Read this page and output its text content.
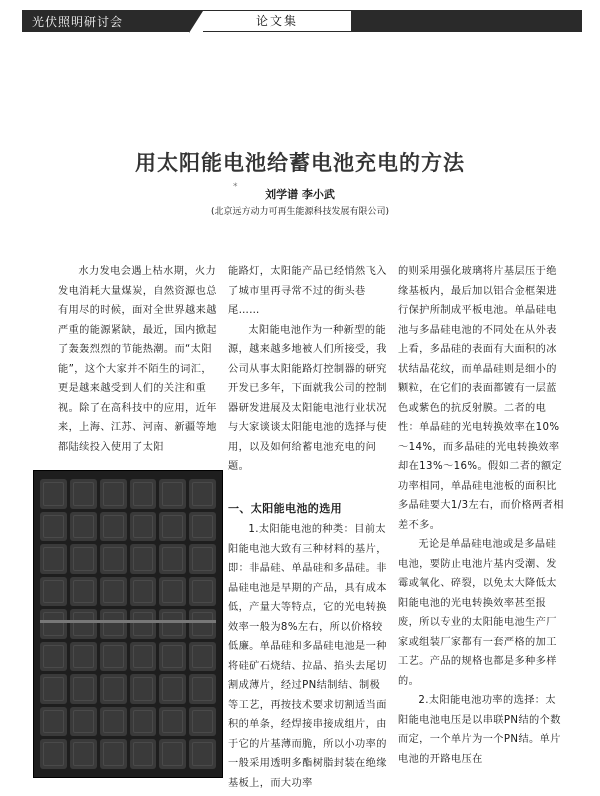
光伏照明研讨会	论文集
用太阳能电池给蓄电池充电的方法
*
刘学谱 李小武
(北京远方动力可再生能源科技发展有限公司)

水力发电会遇上枯水期，火力发电消耗大量煤炭，自然资源也总有用尽的时候，面对全世界越来越严重的能源紧缺，最近，国内掀起了轰轰烈烈的节能热潮。而“太阳能”，这个大家并不陌生的词汇，更是越来越受到人们的关注和重视。除了在高科技中的应用，近年来，上海、江苏、河南、新疆等地都陆续投入使用了太阳

能路灯，太阳能产品已经悄然飞入了城市里再寻常不过的街头巷尾……

太阳能电池作为一种新型的能源，越来越多地被人们所接受，我公司从事太阳能路灯控制器的研究开发已多年，下面就我公司的控制器研发进展及太阳能电池行业状况与大家谈谈太阳能电池的选择与使用，以及如何给蓄电池充电的问题。

一、太阳能电池的选用

1.太阳能电池的种类：目前太阳能电池大致有三种材料的基片，即：非晶硅、单晶硅和多晶硅。非晶硅电池是早期的产品，具有成本低，产量大等特点，它的光电转换效率一般为8%左右，所以价格较低廉。单晶硅和多晶硅电池是一种将硅矿石烧结、拉晶、掐头去尾切割成薄片，经过PN结制结、制极等工艺，再按技术要求切割适当面积的单条，经焊接串接成组片，由于它的片基薄而脆，所以小功率的一般采用透明多酯树脂封装在绝缘基板上，而大功率

的则采用强化玻璃将片基层压于绝缘基板内，最后加以铝合金框架进行保护所制成平板电池。单晶硅电池与多晶硅电池的不同处在从外表上看，多晶硅的表面有大面积的冰状结晶花纹，而单晶硅则是细小的颗粒，在它们的表面都镀有一层蓝色或紫色的抗反射膜。二者的电性：单晶硅的光电转换效率在10%～14%，而多晶硅的光电转换效率却在13%～16%。假如二者的额定功率相同，单晶硅电池板的面积比多晶硅要大1/3左右，而价格两者相差不多。

无论是单晶硅电池或是多晶硅电池，要防止电池片基内受潮、发霉或氧化、碎裂，以免太大降低太阳能电池的光电转换效率甚至报废，所以专业的太阳能电池生产厂家或组装厂家都有一套严格的加工工艺。产品的规格也都是多种多样的。

2.太阳能电池功率的选择：太阳能电池电压是以串联PN结的个数而定，一个单片为一个PN结。单片电池的开路电压在
